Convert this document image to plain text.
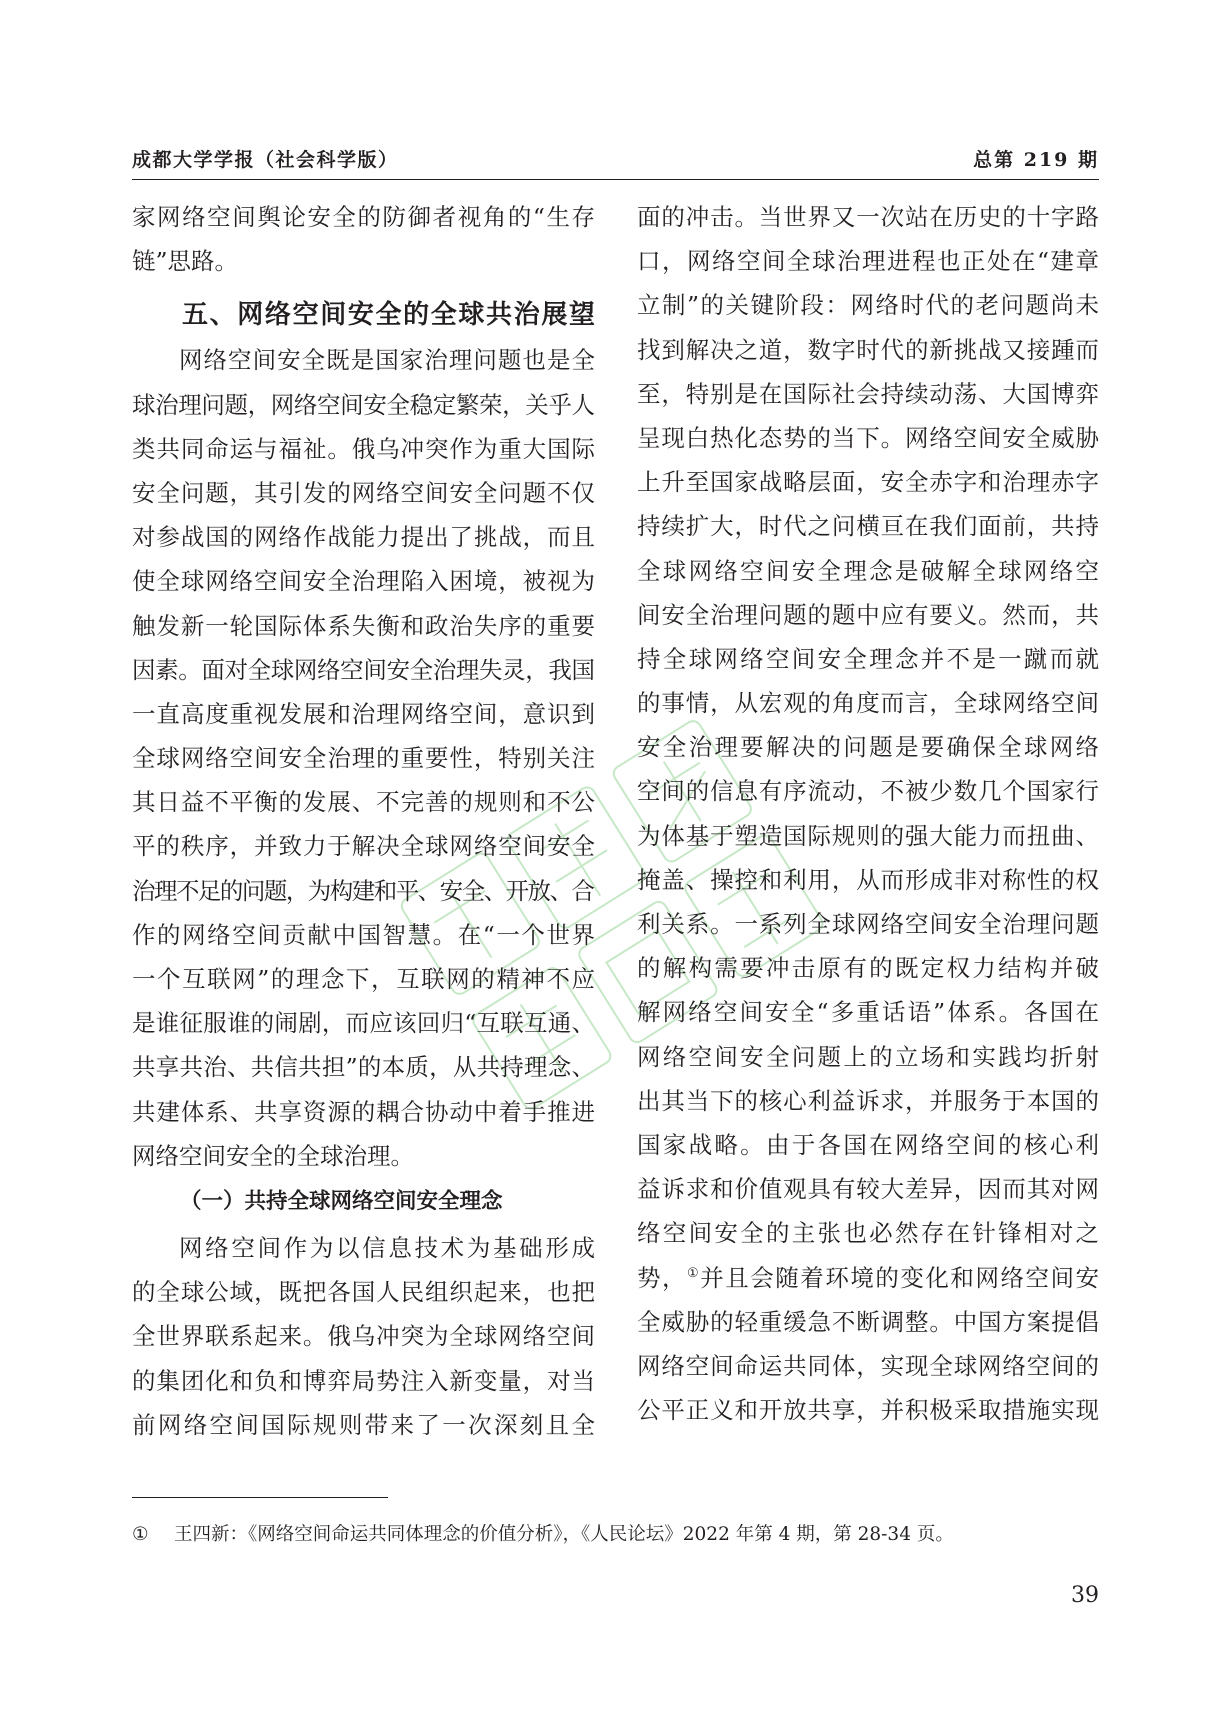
成都大学学报（社会科学版）	总第 219 期
家网络空间舆论安全的防御者视角的“生存
链”思路。
五、网络空间安全的全球共治展望
网络空间安全既是国家治理问题也是全
球治理问题，网络空间安全稳定繁荣，关乎人
类共同命运与福祉。俄乌冲突作为重大国际
安全问题，其引发的网络空间安全问题不仅
对参战国的网络作战能力提出了挑战，而且
使全球网络空间安全治理陷入困境，被视为
触发新一轮国际体系失衡和政治失序的重要
因素。面对全球网络空间安全治理失灵，我国
一直高度重视发展和治理网络空间，意识到
全球网络空间安全治理的重要性，特别关注
其日益不平衡的发展、不完善的规则和不公
平的秩序，并致力于解决全球网络空间安全
治理不足的问题，为构建和平、安全、开放、合
作的网络空间贡献中国智慧。在“一个世界
一个互联网”的理念下，互联网的精神不应
是谁征服谁的闹剧，而应该回归“互联互通、
共享共治、共信共担”的本质，从共持理念、
共建体系、共享资源的耦合协动中着手推进
网络空间安全的全球治理。
（一）共持全球网络空间安全理念
网络空间作为以信息技术为基础形成
的全球公域，既把各国人民组织起来，也把
全世界联系起来。俄乌冲突为全球网络空间
的集团化和负和博弈局势注入新变量，对当
前网络空间国际规则带来了一次深刻且全
面的冲击。当世界又一次站在历史的十字路
口，网络空间全球治理进程也正处在“建章
立制”的关键阶段：网络时代的老问题尚未
找到解决之道，数字时代的新挑战又接踵而
至，特别是在国际社会持续动荡、大国博弈
呈现白热化态势的当下。网络空间安全威胁
上升至国家战略层面，安全赤字和治理赤字
持续扩大，时代之问横亘在我们面前，共持
全球网络空间安全理念是破解全球网络空
间安全治理问题的题中应有要义。然而，共
持全球网络空间安全理念并不是一蹴而就
的事情，从宏观的角度而言，全球网络空间
安全治理要解决的问题是要确保全球网络
空间的信息有序流动，不被少数几个国家行
为体基于塑造国际规则的强大能力而扭曲、
掩盖、操控和利用，从而形成非对称性的权
利关系。一系列全球网络空间安全治理问题
的解构需要冲击原有的既定权力结构并破
解网络空间安全“多重话语”体系。各国在
网络空间安全问题上的立场和实践均折射
出其当下的核心利益诉求，并服务于本国的
国家战略。由于各国在网络空间的核心利
益诉求和价值观具有较大差异，因而其对网
络空间安全的主张也必然存在针锋相对之
势，①并且会随着环境的变化和网络空间安
全威胁的轻重缓急不断调整。中国方案提倡
网络空间命运共同体，实现全球网络空间的
公平正义和开放共享，并积极采取措施实现
① 王四新：《网络空间命运共同体理念的价值分析》，《人民论坛》2022 年第 4 期，第 28-34 页。
39
